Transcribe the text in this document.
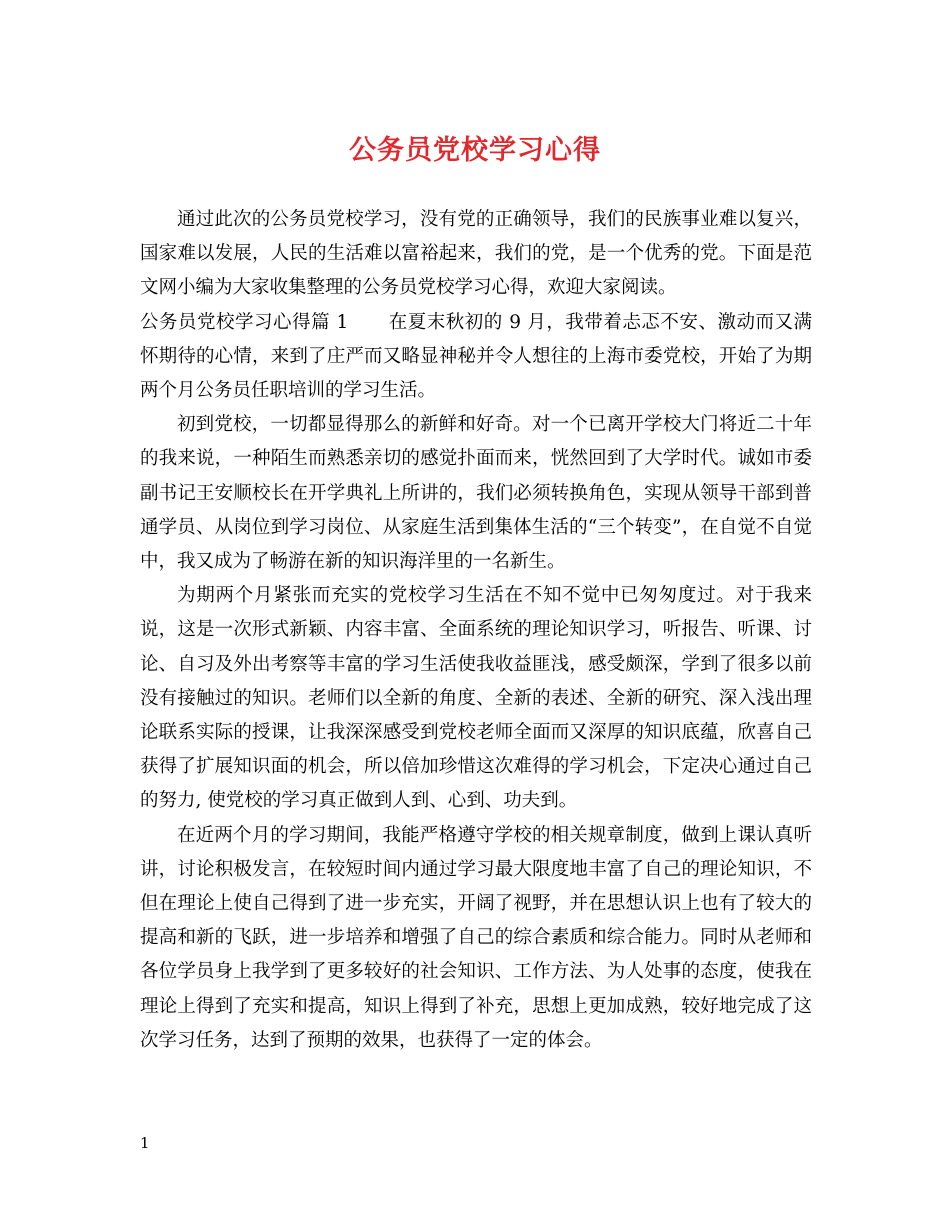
公务员党校学习心得

通过此次的公务员党校学习，没有党的正确领导，我们的民族事业难以复兴，国家难以发展，人民的生活难以富裕起来，我们的党，是一个优秀的党。下面是范文网小编为大家收集整理的公务员党校学习心得，欢迎大家阅读。

公务员党校学习心得篇 1 在夏末秋初的 9 月，我带着忐忑不安、激动而又满怀期待的心情，来到了庄严而又略显神秘并令人想往的上海市委党校，开始了为期两个月公务员任职培训的学习生活。

初到党校，一切都显得那么的新鲜和好奇。对一个已离开学校大门将近二十年的我来说，一种陌生而熟悉亲切的感觉扑面而来，恍然回到了大学时代。诚如市委副书记王安顺校长在开学典礼上所讲的，我们必须转换角色，实现从领导干部到普通学员、从岗位到学习岗位、从家庭生活到集体生活的“三个转变”，在自觉不自觉中，我又成为了畅游在新的知识海洋里的一名新生。

为期两个月紧张而充实的党校学习生活在不知不觉中已匆匆度过。对于我来说，这是一次形式新颖、内容丰富、全面系统的理论知识学习，听报告、听课、讨论、自习及外出考察等丰富的学习生活使我收益匪浅，感受颇深，学到了很多以前没有接触过的知识。老师们以全新的角度、全新的表述、全新的研究、深入浅出理论联系实际的授课，让我深深感受到党校老师全面而又深厚的知识底蕴，欣喜自己获得了扩展知识面的机会，所以倍加珍惜这次难得的学习机会，下定决心通过自己的努力, 使党校的学习真正做到人到、心到、功夫到。

在近两个月的学习期间，我能严格遵守学校的相关规章制度，做到上课认真听讲，讨论积极发言，在较短时间内通过学习最大限度地丰富了自己的理论知识，不但在理论上使自己得到了进一步充实，开阔了视野，并在思想认识上也有了较大的提高和新的飞跃，进一步培养和增强了自己的综合素质和综合能力。同时从老师和各位学员身上我学到了更多较好的社会知识、工作方法、为人处事的态度，使我在理论上得到了充实和提高，知识上得到了补充，思想上更加成熟，较好地完成了这次学习任务，达到了预期的效果，也获得了一定的体会。

1
